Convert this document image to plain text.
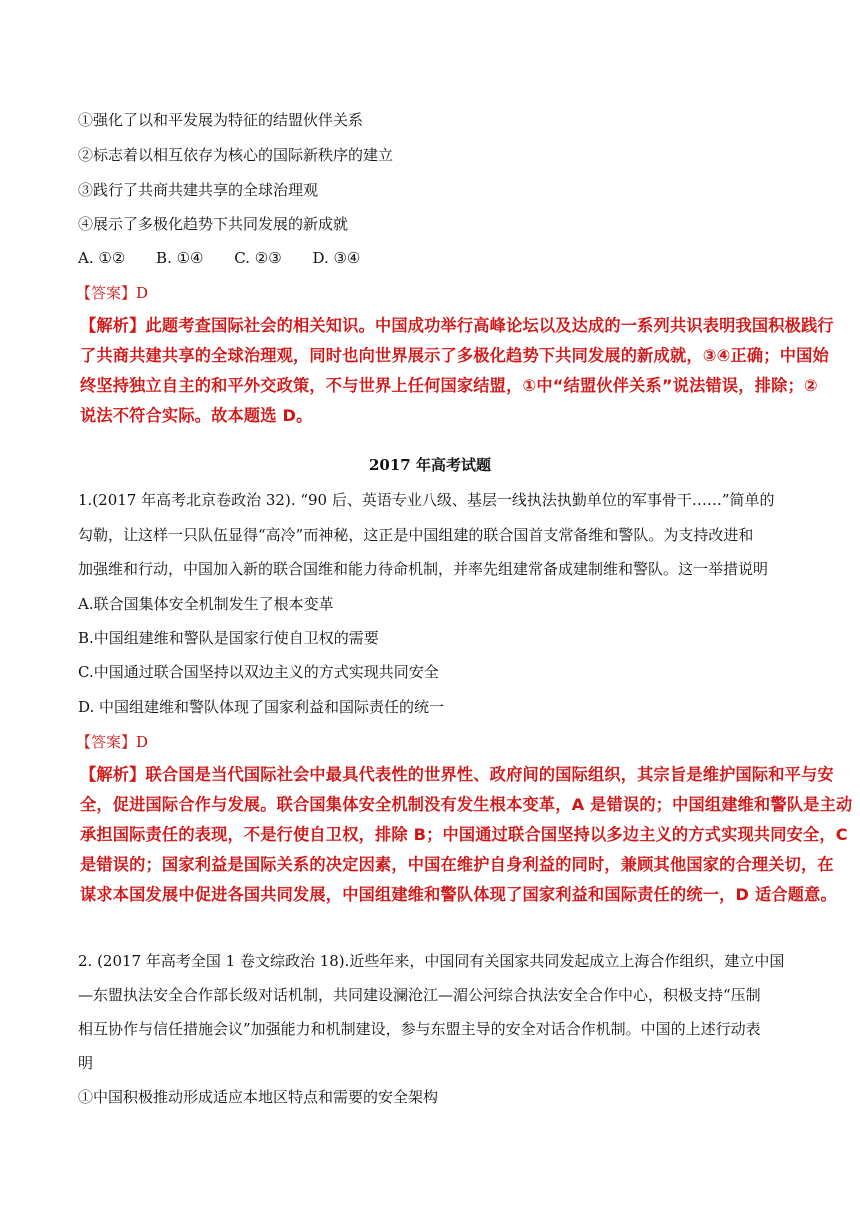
①强化了以和平发展为特征的结盟伙伴关系
②标志着以相互依存为核心的国际新秩序的建立
③践行了共商共建共享的全球治理观
④展示了多极化趋势下共同发展的新成就
A. ①② B. ①④ C. ②③ D. ③④
【答案】D
【解析】此题考查国际社会的相关知识。中国成功举行高峰论坛以及达成的一系列共识表明我国积极践行
了共商共建共享的全球治理观，同时也向世界展示了多极化趋势下共同发展的新成就，③④正确；中国始
终坚持独立自主的和平外交政策，不与世界上任何国家结盟，①中“结盟伙伴关系”说法错误，排除；②
说法不符合实际。故本题选 D。
2017 年高考试题
1.(2017 年高考北京卷政治 32). “90 后、英语专业八级、基层一线执法执勤单位的军事骨干……”简单的
勾勒，让这样一只队伍显得“高冷”而神秘，这正是中国组建的联合国首支常备维和警队。为支持改进和
加强维和行动，中国加入新的联合国维和能力待命机制，并率先组建常备成建制维和警队。这一举措说明
A.联合国集体安全机制发生了根本变革
B.中国组建维和警队是国家行使自卫权的需要
C.中国通过联合国坚持以双边主义的方式实现共同安全
D. 中国组建维和警队体现了国家利益和国际责任的统一
【答案】D
【解析】联合国是当代国际社会中最具代表性的世界性、政府间的国际组织，其宗旨是维护国际和平与安
全，促进国际合作与发展。联合国集体安全机制没有发生根本变革，A 是错误的；中国组建维和警队是主动
承担国际责任的表现，不是行使自卫权，排除 B；中国通过联合国坚持以多边主义的方式实现共同安全，C
是错误的；国家利益是国际关系的决定因素，中国在维护自身利益的同时，兼顾其他国家的合理关切，在
谋求本国发展中促进各国共同发展，中国组建维和警队体现了国家利益和国际责任的统一，D 适合题意。
2. (2017 年高考全国 1 卷文综政治 18).近些年来，中国同有关国家共同发起成立上海合作组织，建立中国
—东盟执法安全合作部长级对话机制，共同建设澜沧江—湄公河综合执法安全合作中心，积极支持“压制
相互协作与信任措施会议”加强能力和机制建设，参与东盟主导的安全对话合作机制。中国的上述行动表
明
①中国积极推动形成适应本地区特点和需要的安全架构
